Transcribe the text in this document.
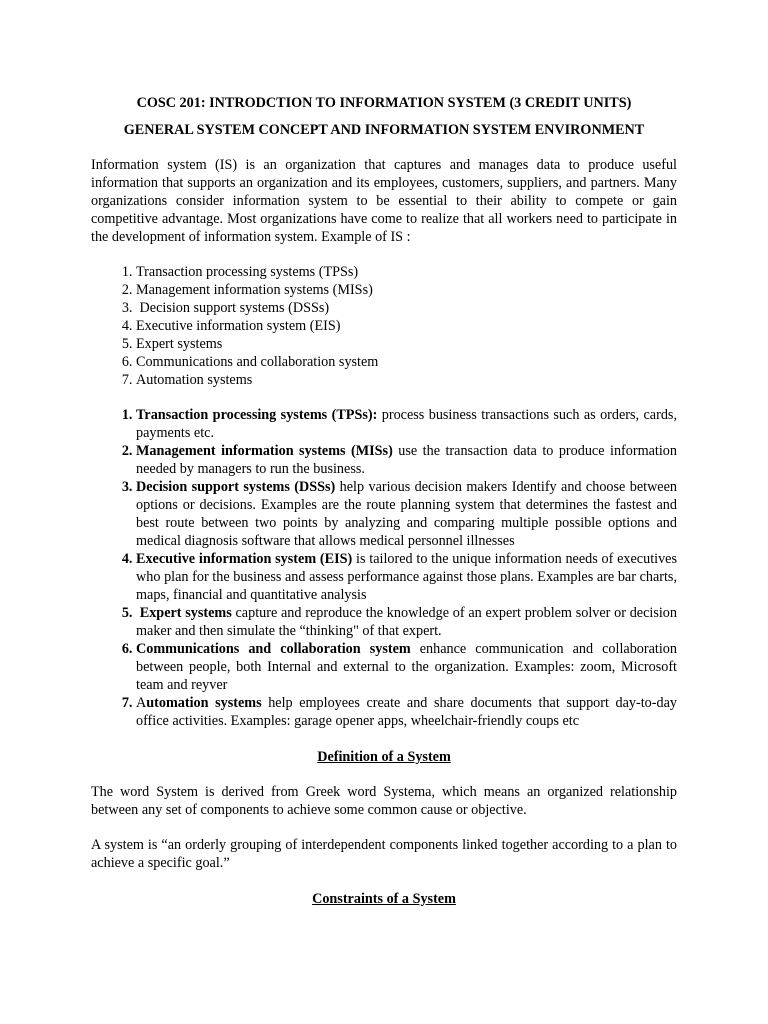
COSC 201: INTRODCTION TO INFORMATION SYSTEM (3 CREDIT UNITS)

GENERAL SYSTEM CONCEPT AND INFORMATION SYSTEM ENVIRONMENT

Information system (IS) is an organization that captures and manages data to produce useful information that supports an organization and its employees, customers, suppliers, and partners. Many organizations consider information system to be essential to their ability to compete or gain competitive advantage. Most organizations have come to realize that all workers need to participate in the development of information system. Example of IS :

1. Transaction processing systems (TPSs)
2. Management information systems (MISs)
3.  Decision support systems (DSSs)
4. Executive information system (EIS)
5. Expert systems
6. Communications and collaboration system
7. Automation systems
1. Transaction processing systems (TPSs): process business transactions such as orders, cards, payments etc.
2. Management information systems (MISs) use the transaction data to produce information needed by managers to run the business.
3. Decision support systems (DSSs) help various decision makers Identify and choose between options or decisions. Examples are the route planning system that determines the fastest and best route between two points by analyzing and comparing multiple possible options and medical diagnosis software that allows medical personnel illnesses
4. Executive information system (EIS) is tailored to the unique information needs of executives who plan for the business and assess performance against those plans. Examples are bar charts, maps, financial and quantitative analysis
5.  Expert systems capture and reproduce the knowledge of an expert problem solver or decision maker and then simulate the “thinking" of that expert.
6. Communications and collaboration system enhance communication and collaboration between people, both Internal and external to the organization. Examples: zoom, Microsoft team and reyver
7. Automation systems help employees create and share documents that support day-to-day office activities. Examples: garage opener apps, wheelchair-friendly coups etc

Definition of a System

The word System is derived from Greek word Systema, which means an organized relationship between any set of components to achieve some common cause or objective.

A system is “an orderly grouping of interdependent components linked together according to a plan to achieve a specific goal.”

Constraints of a System
